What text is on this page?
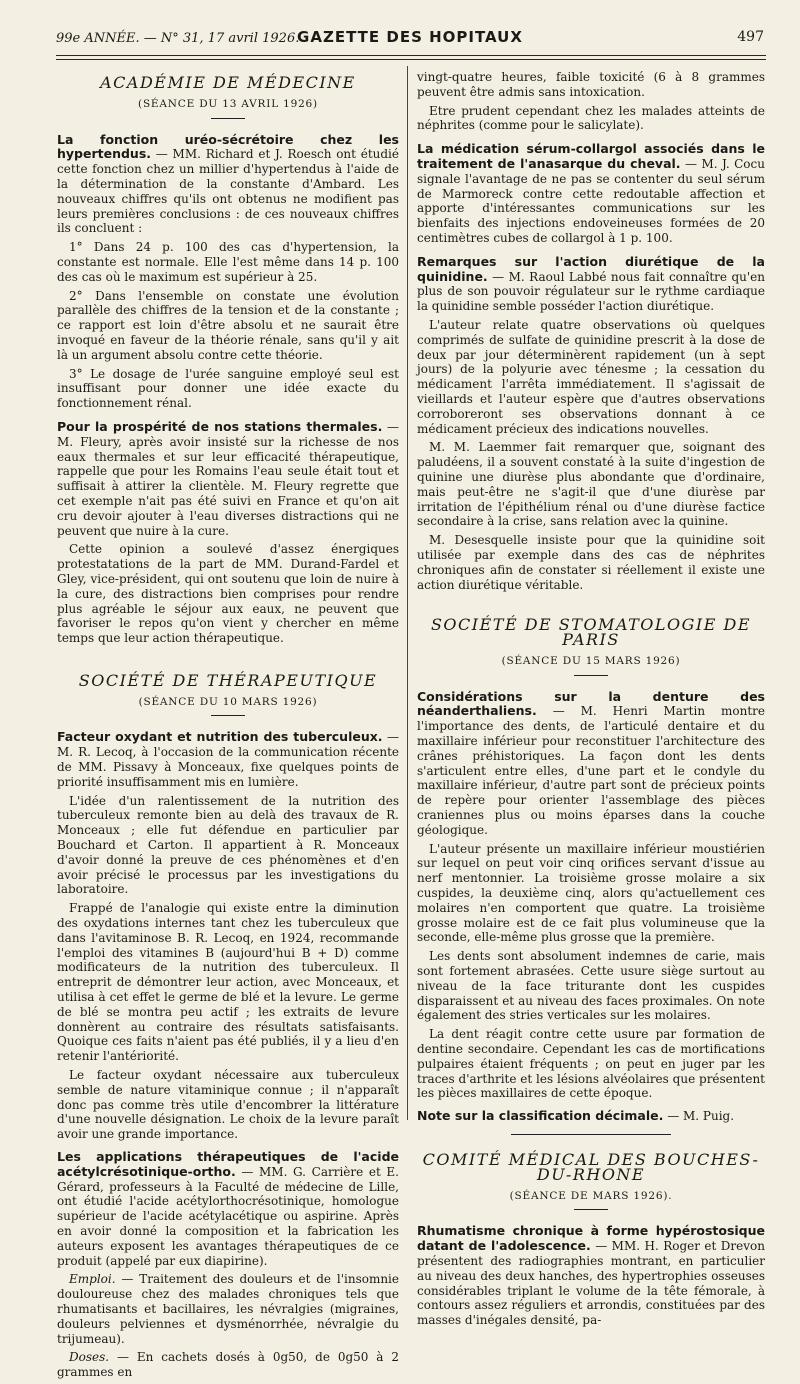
99e ANNÉE. — N° 31, 17 avril 1926.
GAZETTE DES HOPITAUX	497
ACADÉMIE DE MÉDECINE
(SÉANCE DU 13 AVRIL 1926)

La fonction uréo-sécrétoire chez les hypertendus. — MM. Richard et J. Roesch ont étudié cette fonction chez un millier d'hypertendus à l'aide de la détermination de la constante d'Ambard. Les nouveaux chiffres qu'ils ont obtenus ne modifient pas leurs premières conclusions : de ces nouveaux chiffres ils concluent :

1° Dans 24 p. 100 des cas d'hypertension, la constante est normale. Elle l'est même dans 14 p. 100 des cas où le maximum est supérieur à 25.

2° Dans l'ensemble on constate une évolution parallèle des chiffres de la tension et de la constante ; ce rapport est loin d'être absolu et ne saurait être invoqué en faveur de la théorie rénale, sans qu'il y ait là un argument absolu contre cette théorie.

3° Le dosage de l'urée sanguine employé seul est insuffisant pour donner une idée exacte du fonctionnement rénal.

Pour la prospérité de nos stations thermales. — M. Fleury, après avoir insisté sur la richesse de nos eaux thermales et sur leur efficacité thérapeutique, rappelle que pour les Romains l'eau seule était tout et suffisait à attirer la clientèle. M. Fleury regrette que cet exemple n'ait pas été suivi en France et qu'on ait cru devoir ajouter à l'eau diverses distractions qui ne peuvent que nuire à la cure.

Cette opinion a soulevé d'assez énergiques protestatations de la part de MM. Durand-Fardel et Gley, vice-président, qui ont soutenu que loin de nuire à la cure, des distractions bien comprises pour rendre plus agréable le séjour aux eaux, ne peuvent que favoriser le repos qu'on vient y chercher en même temps que leur action thérapeutique.

SOCIÉTÉ DE THÉRAPEUTIQUE
(SÉANCE DU 10 MARS 1926)

Facteur oxydant et nutrition des tuberculeux. — M. R. Lecoq, à l'occasion de la communication récente de MM. Pissavy à Monceaux, fixe quelques points de priorité insuffisamment mis en lumière.

L'idée d'un ralentissement de la nutrition des tuberculeux remonte bien au delà des travaux de R. Monceaux ; elle fut défendue en particulier par Bouchard et Carton. Il appartient à R. Monceaux d'avoir donné la preuve de ces phénomènes et d'en avoir précisé le processus par les investigations du laboratoire.

Frappé de l'analogie qui existe entre la diminution des oxydations internes tant chez les tuberculeux que dans l'avitaminose B. R. Lecoq, en 1924, recommande l'emploi des vitamines B (aujourd'hui B + D) comme modificateurs de la nutrition des tuberculeux. Il entreprit de démontrer leur action, avec Monceaux, et utilisa à cet effet le germe de blé et la levure. Le germe de blé se montra peu actif ; les extraits de levure donnèrent au contraire des résultats satisfaisants. Quoique ces faits n'aient pas été publiés, il y a lieu d'en retenir l'antériorité.

Le facteur oxydant nécessaire aux tuberculeux semble de nature vitaminique connue ; il n'apparaît donc pas comme très utile d'encombrer la littérature d'une nouvelle désignation. Le choix de la levure paraît avoir une grande importance.

Les applications thérapeutiques de l'acide acétylcrésotinique-ortho. — MM. G. Carrière et E. Gérard, professeurs à la Faculté de médecine de Lille, ont étudié l'acide acétylorthocrésotinique, homologue supérieur de l'acide acétylacétique ou aspirine. Après en avoir donné la composition et la fabrication les auteurs exposent les avantages thérapeutiques de ce produit (appelé par eux diapirine).

Emploi. — Traitement des douleurs et de l'insomnie douloureuse chez des malades chroniques tels que rhumatisants et bacillaires, les névralgies (migraines, douleurs pelviennes et dysménorrhée, névralgie du trijumeau).

Doses. — En cachets dosés à 0g50, de 0g50 à 2 grammes en

vingt-quatre heures, faible toxicité (6 à 8 grammes peuvent être admis sans intoxication.

Etre prudent cependant chez les malades atteints de néphrites (comme pour le salicylate).

La médication sérum-collargol associés dans le traitement de l'anasarque du cheval. — M. J. Cocu signale l'avantage de ne pas se contenter du seul sérum de Marmoreck contre cette redoutable affection et apporte d'intéressantes communications sur les bienfaits des injections endoveineuses formées de 20 centimètres cubes de collargol à 1 p. 100.

Remarques sur l'action diurétique de la quinidine. — M. Raoul Labbé nous fait connaître qu'en plus de son pouvoir régulateur sur le rythme cardiaque la quinidine semble posséder l'action diurétique.

L'auteur relate quatre observations où quelques comprimés de sulfate de quinidine prescrit à la dose de deux par jour déterminèrent rapidement (un à sept jours) de la polyurie avec ténesme ; la cessation du médicament l'arrêta immédiatement. Il s'agissait de vieillards et l'auteur espère que d'autres observations corroboreront ses observations donnant à ce médicament précieux des indications nouvelles.

M. M. Laemmer fait remarquer que, soignant des paludéens, il a souvent constaté à la suite d'ingestion de quinine une diurèse plus abondante que d'ordinaire, mais peut-être ne s'agit-il que d'une diurèse par irritation de l'épithélium rénal ou d'une diurèse factice secondaire à la crise, sans relation avec la quinine.

M. Desesquelle insiste pour que la quinidine soit utilisée par exemple dans des cas de néphrites chroniques afin de constater si réellement il existe une action diurétique véritable.

SOCIÉTÉ DE STOMATOLOGIE DE PARIS
(SÉANCE DU 15 MARS 1926)

Considérations sur la denture des néanderthaliens. — M. Henri Martin montre l'importance des dents, de l'articulé dentaire et du maxillaire inférieur pour reconstituer l'architecture des crânes préhistoriques. La façon dont les dents s'articulent entre elles, d'une part et le condyle du maxillaire inférieur, d'autre part sont de précieux points de repère pour orienter l'assemblage des pièces craniennes plus ou moins éparses dans la couche géologique.

L'auteur présente un maxillaire inférieur moustiérien sur lequel on peut voir cinq orifices servant d'issue au nerf mentonnier. La troisième grosse molaire a six cuspides, la deuxième cinq, alors qu'actuellement ces molaires n'en comportent que quatre. La troisième grosse molaire est de ce fait plus volumineuse que la seconde, elle-même plus grosse que la première.

Les dents sont absolument indemnes de carie, mais sont fortement abrasées. Cette usure siège surtout au niveau de la face triturante dont les cuspides disparaissent et au niveau des faces proximales. On note également des stries verticales sur les molaires.

La dent réagit contre cette usure par formation de dentine secondaire. Cependant les cas de mortifications pulpaires étaient fréquents ; on peut en juger par les traces d'arthrite et les lésions alvéolaires que présentent les pièces maxillaires de cette époque.

Note sur la classification décimale. — M. Puig.

COMITÉ MÉDICAL DES BOUCHES-DU-RHONE
(SÉANCE DE MARS 1926).

Rhumatisme chronique à forme hypérostosique datant de l'adolescence. — MM. H. Roger et Drevon présentent des radiographies montrant, en particulier au niveau des deux hanches, des hypertrophies osseuses considérables triplant le volume de la tête fémorale, à contours assez réguliers et arrondis, constituées par des masses d'inégales densité, pa-
